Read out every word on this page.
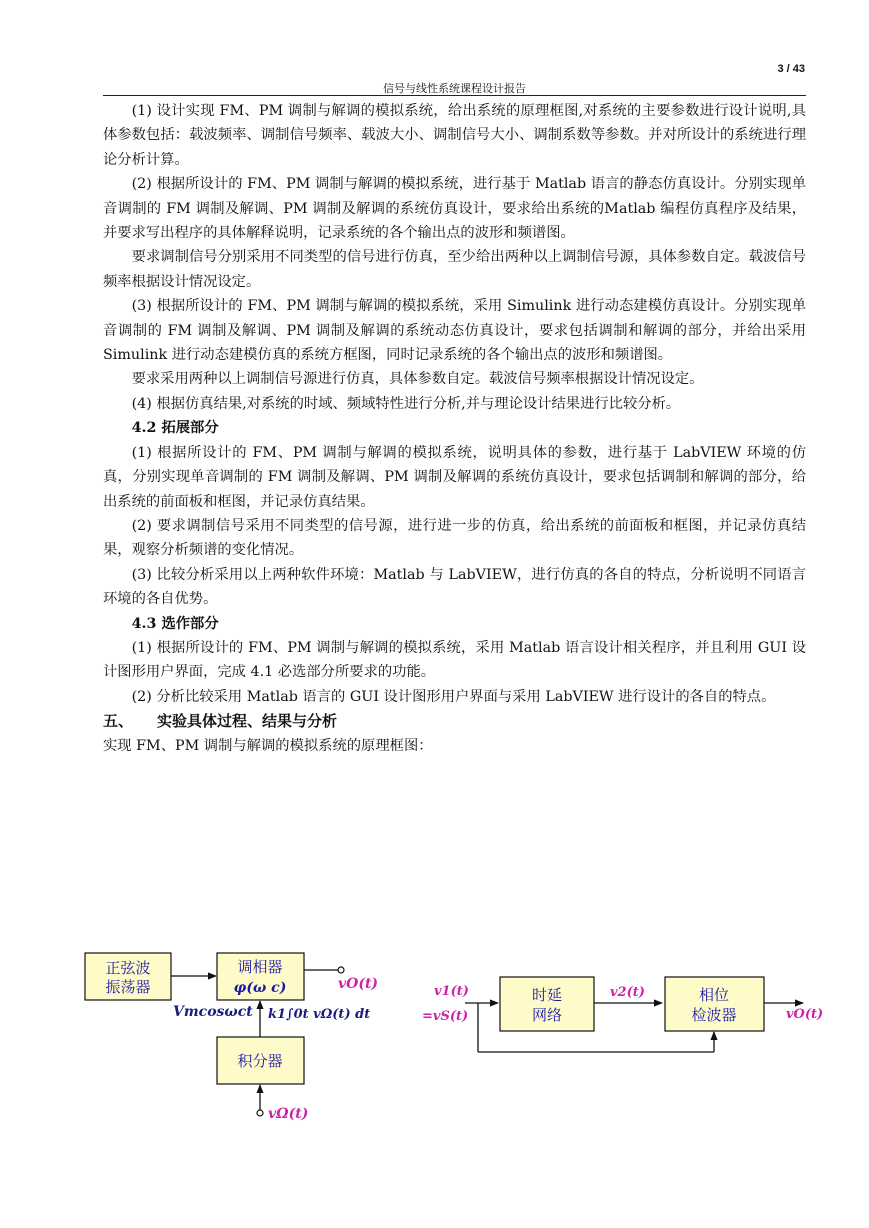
3 / 43
信号与线性系统课程设计报告

(1) 设计实现 FM、PM 调制与解调的模拟系统，给出系统的原理框图,对系统的主要参数进行设计说明,具体参数包括：载波频率、调制信号频率、载波大小、调制信号大小、调制系数等参数。并对所设计的系统进行理论分析计算。

(2) 根据所设计的 FM、PM 调制与解调的模拟系统，进行基于 Matlab 语言的静态仿真设计。分别实现单音调制的 FM 调制及解调、PM 调制及解调的系统仿真设计，要求给出系统的Matlab 编程仿真程序及结果，并要求写出程序的具体解释说明，记录系统的各个输出点的波形和频谱图。

要求调制信号分别采用不同类型的信号进行仿真，至少给出两种以上调制信号源，具体参数自定。载波信号频率根据设计情况设定。

(3) 根据所设计的 FM、PM 调制与解调的模拟系统，采用 Simulink 进行动态建模仿真设计。分别实现单音调制的 FM 调制及解调、PM 调制及解调的系统动态仿真设计，要求包括调制和解调的部分，并给出采用 Simulink 进行动态建模仿真的系统方框图，同时记录系统的各个输出点的波形和频谱图。

要求采用两种以上调制信号源进行仿真，具体参数自定。载波信号频率根据设计情况设定。

(4) 根据仿真结果,对系统的时域、频域特性进行分析,并与理论设计结果进行比较分析。

4.2 拓展部分

(1) 根据所设计的 FM、PM 调制与解调的模拟系统，说明具体的参数，进行基于 LabVIEW 环境的仿真，分别实现单音调制的 FM 调制及解调、PM 调制及解调的系统仿真设计，要求包括调制和解调的部分，给出系统的前面板和框图，并记录仿真结果。

(2) 要求调制信号采用不同类型的信号源，进行进一步的仿真，给出系统的前面板和框图，并记录仿真结果，观察分析频谱的变化情况。

(3) 比较分析采用以上两种软件环境：Matlab 与 LabVIEW，进行仿真的各自的特点，分析说明不同语言环境的各自优势。

4.3 选作部分

(1) 根据所设计的 FM、PM 调制与解调的模拟系统，采用 Matlab 语言设计相关程序，并且利用 GUI 设计图形用户界面，完成 4.1 必选部分所要求的功能。

(2) 分析比较采用 Matlab 语言的 GUI 设计图形用户界面与采用 LabVIEW 进行设计的各自的特点。

五、 实验具体过程、结果与分析

实现 FM、PM 调制与解调的模拟系统的原理框图：

正弦波
振荡器
调相器
φ(ω c)	vO(t)
Vmcosωct k1∫0t vΩ(t) dt
积分器
vΩ(t)
v1(t)
=vS(t)
时延
网络
v2(t)	相位
检波器	vO(t)
